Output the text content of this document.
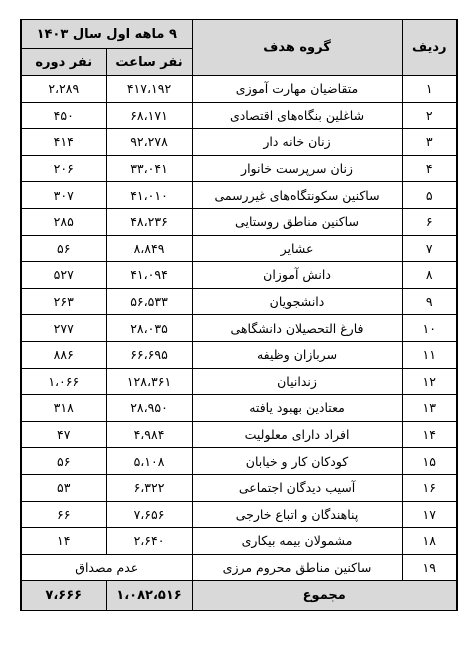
ردیف	گروه هدف	۹ ماهه اول سال ۱۴۰۳	
		نفر ساعت	نفر دوره
۱	متقاضیان مهارت آموزی	۴۱۷،۱۹۲	۲،۲۸۹
۲	شاغلین بنگاه‌های اقتصادی	۶۸،۱۷۱	۴۵۰
۳	زنان خانه دار	۹۲،۲۷۸	۴۱۴
۴	زنان سرپرست خانوار	۳۳،۰۴۱	۲۰۶
۵	ساکنین سکونتگاه‌های غیررسمی	۴۱،۰۱۰	۳۰۷
۶	ساکنین مناطق روستایی	۴۸،۲۳۶	۲۸۵
۷	عشایر	۸،۸۴۹	۵۶
۸	دانش آموزان	۴۱،۰۹۴	۵۲۷
۹	دانشجویان	۵۶،۵۳۳	۲۶۳
۱۰	فارغ التحصیلان دانشگاهی	۲۸،۰۳۵	۲۷۷
۱۱	سربازان وظیفه	۶۶،۶۹۵	۸۸۶
۱۲	زندانیان	۱۲۸،۳۶۱	۱،۰۶۶
۱۳	معتادین بهبود یافته	۲۸،۹۵۰	۳۱۸
۱۴	افراد دارای معلولیت	۴،۹۸۴	۴۷
۱۵	کودکان کار و خیابان	۵،۱۰۸	۵۶
۱۶	آسیب دیدگان اجتماعی	۶،۳۲۲	۵۳
۱۷	پناهندگان و اتباع خارجی	۷،۶۵۶	۶۶
۱۸	مشمولان بیمه بیکاری	۲،۶۴۰	۱۴
۱۹	ساکنین مناطق محروم مرزی	عدم مصداق	
مجموع		۱،۰۸۲،۵۱۶	۷،۶۶۶
